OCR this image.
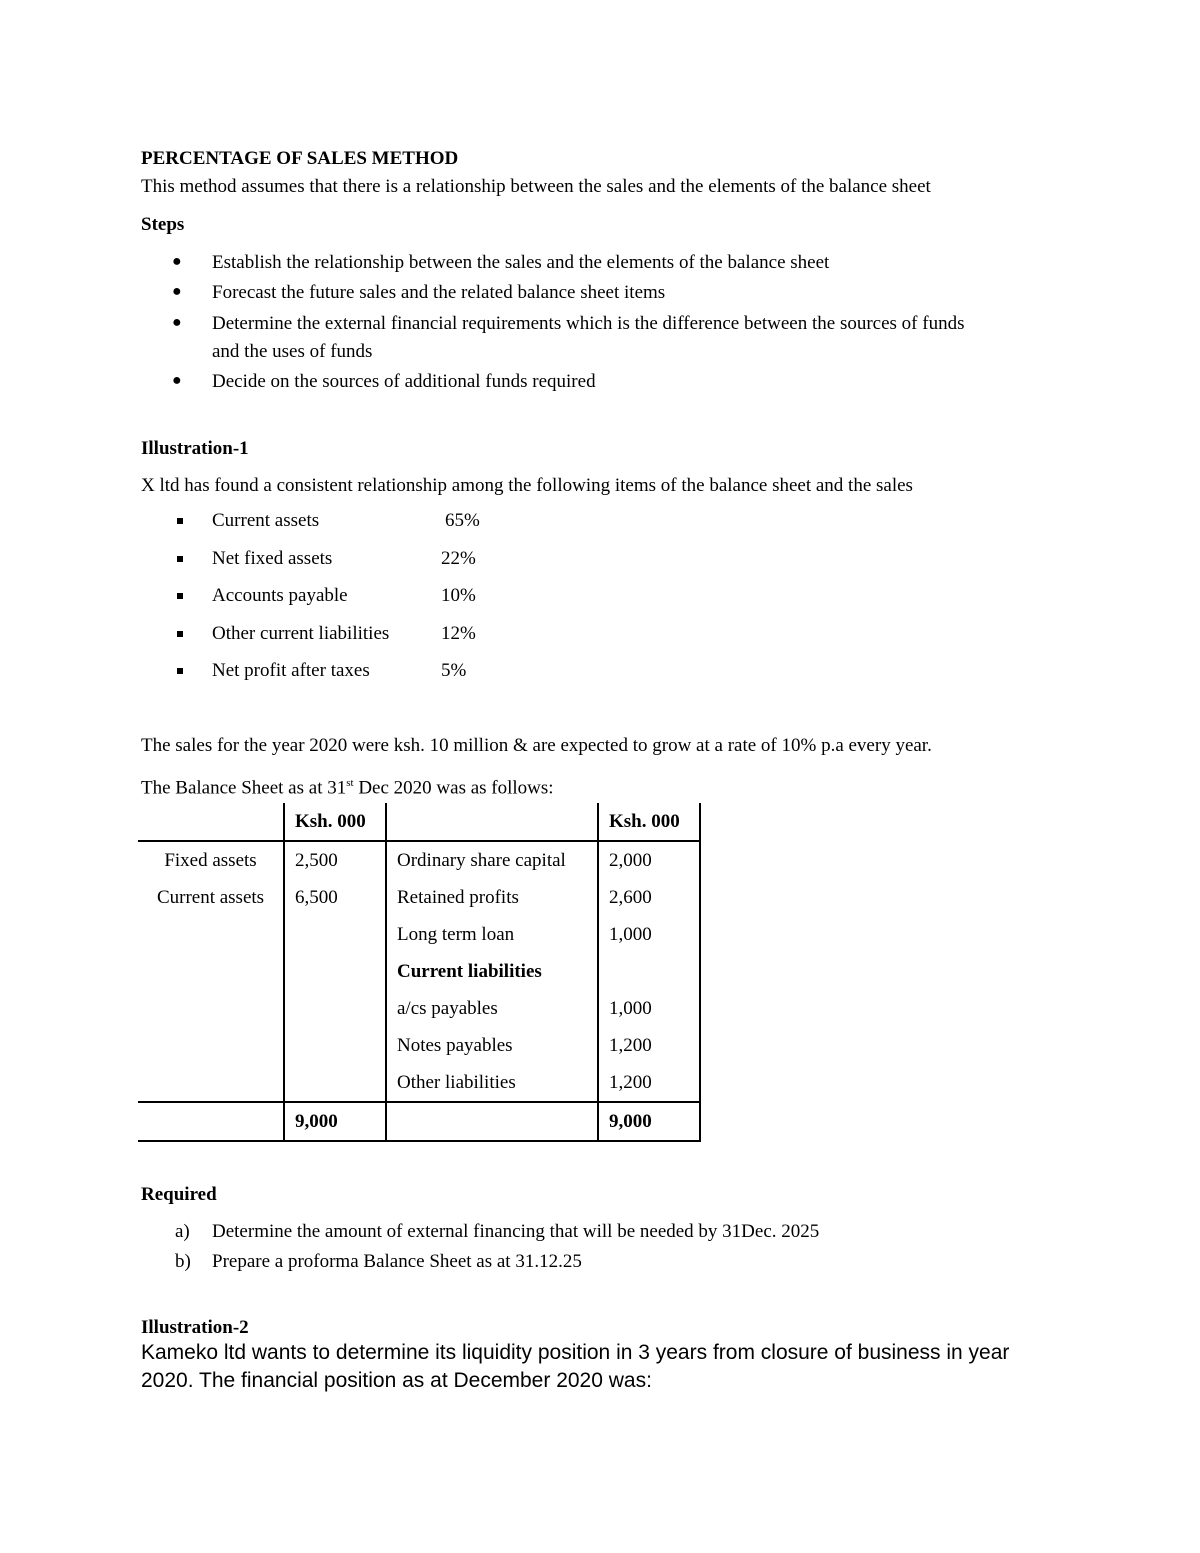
PERCENTAGE OF SALES METHOD
This method assumes that there is a relationship between the sales and the elements of the balance sheet
Steps
● Establish the relationship between the sales and the elements of the balance sheet
● Forecast the future sales and the related balance sheet items
● Determine the external financial requirements which is the difference between the sources of funds
and the uses of funds
● Decide on the sources of additional funds required
Illustration-1
X ltd has found a consistent relationship among the following items of the balance sheet and the sales
Current assets	65%
Net fixed assets	22%
Accounts payable	10%
Other current liabilities	12%
Net profit after taxes	5%
The sales for the year 2020 were ksh. 10 million & are expected to grow at a rate of 10% p.a every year.
The Balance Sheet as at 31st Dec 2020 was as follows:
	Ksh. 000		Ksh. 000
Fixed assets	2,500	Ordinary share capital	2,000
Current assets	6,500	Retained profits	2,600
		Long term loan	1,000
		Current liabilities	
		a/cs payables	1,000
		Notes payables	1,200
		Other liabilities	1,200
	9,000		9,000
Required
a) Determine the amount of external financing that will be needed by 31Dec. 2025
b) Prepare a proforma Balance Sheet as at 31.12.25
Illustration-2
Kameko ltd wants to determine its liquidity position in 3 years from closure of business in year
2020. The financial position as at December 2020 was:
